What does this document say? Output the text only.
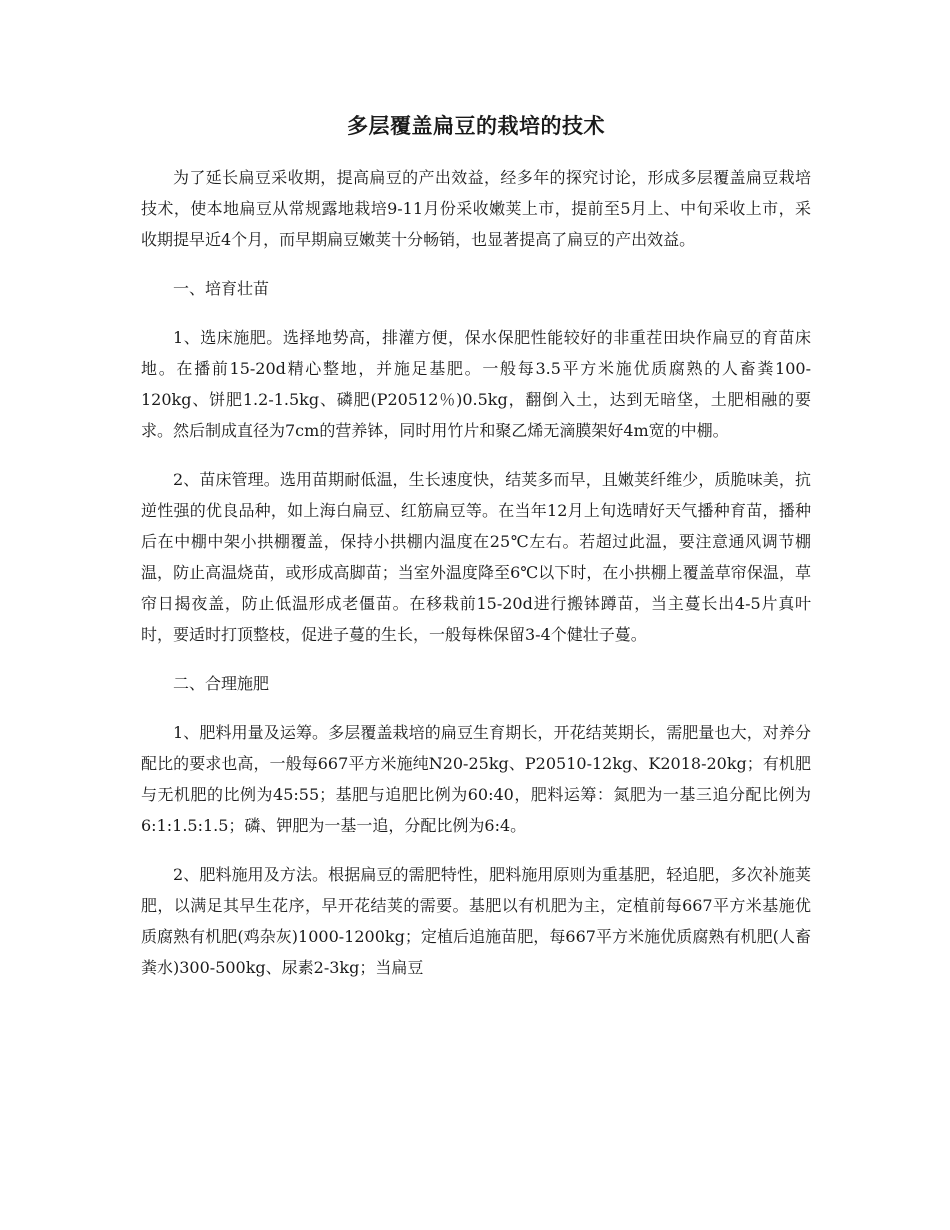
多层覆盖扁豆的栽培的技术

为了延长扁豆采收期，提高扁豆的产出效益，经多年的探究讨论，形成多层覆盖扁豆栽培技术，使本地扁豆从常规露地栽培9-11月份采收嫩荚上市，提前至5月上、中旬采收上市，采收期提早近4个月，而早期扁豆嫩荚十分畅销，也显著提高了扁豆的产出效益。

一、培育壮苗

1、选床施肥。选择地势高，排灌方便，保水保肥性能较好的非重茬田块作扁豆的育苗床地。在播前15-20d精心整地，并施足基肥。一般每3.5平方米施优质腐熟的人畜粪100-120kg、饼肥1.2-1.5kg、磷肥(P20512％)0.5kg，翻倒入土，达到无暗垡，土肥相融的要求。然后制成直径为7cm的营养钵，同时用竹片和聚乙烯无滴膜架好4m宽的中棚。

2、苗床管理。选用苗期耐低温，生长速度快，结荚多而早，且嫩荚纤维少，质脆味美，抗逆性强的优良品种，如上海白扁豆、红筋扁豆等。在当年12月上旬选晴好天气播种育苗，播种后在中棚中架小拱棚覆盖，保持小拱棚内温度在25℃左右。若超过此温，要注意通风调节棚温，防止高温烧苗，或形成高脚苗；当室外温度降至6℃以下时，在小拱棚上覆盖草帘保温，草帘日揭夜盖，防止低温形成老僵苗。在移栽前15-20d进行搬钵蹲苗，当主蔓长出4-5片真叶时，要适时打顶整枝，促进子蔓的生长，一般每株保留3-4个健壮子蔓。

二、合理施肥

1、肥料用量及运筹。多层覆盖栽培的扁豆生育期长，开花结荚期长，需肥量也大，对养分配比的要求也高，一般每667平方米施纯N20-25kg、P20510-12kg、K2018-20kg；有机肥与无机肥的比例为45:55；基肥与追肥比例为60:40，肥料运筹：氮肥为一基三追分配比例为6:1:1.5:1.5；磷、钾肥为一基一追，分配比例为6:4。

2、肥料施用及方法。根据扁豆的需肥特性，肥料施用原则为重基肥，轻追肥，多次补施荚肥，以满足其早生花序，早开花结荚的需要。基肥以有机肥为主，定植前每667平方米基施优质腐熟有机肥(鸡杂灰)1000-1200kg；定植后追施苗肥，每667平方米施优质腐熟有机肥(人畜粪水)300-500kg、尿素2-3kg；当扁豆
